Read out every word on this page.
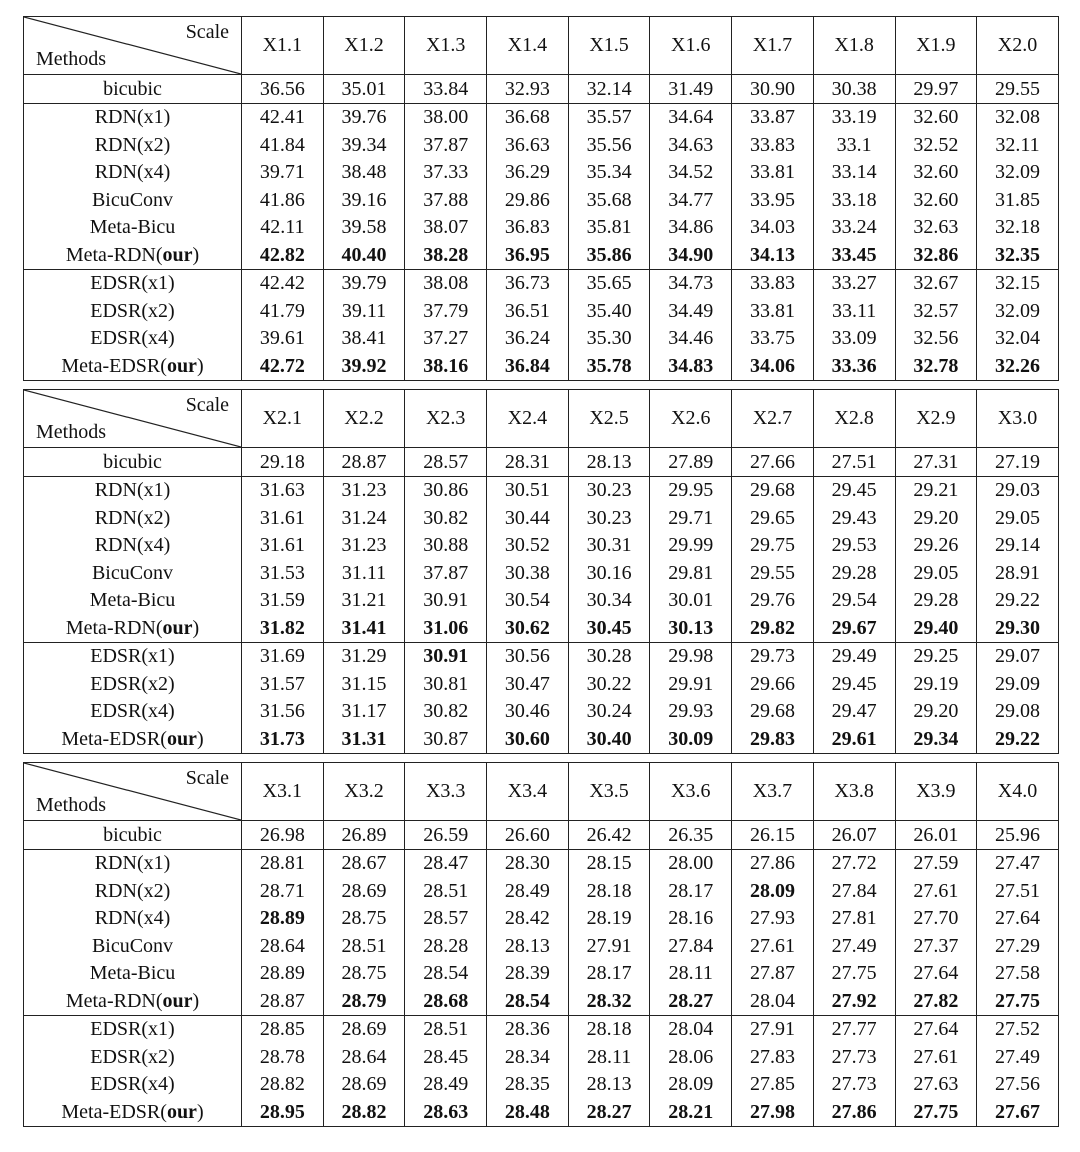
Scale
Methods	X1.1	X1.2	X1.3	X1.4	X1.5	X1.6	X1.7	X1.8	X1.9	X2.0
bicubic	36.56	35.01	33.84	32.93	32.14	31.49	30.90	30.38	29.97	29.55
RDN(x1)	42.41	39.76	38.00	36.68	35.57	34.64	33.87	33.19	32.60	32.08
RDN(x2)	41.84	39.34	37.87	36.63	35.56	34.63	33.83	33.1	32.52	32.11
RDN(x4)	39.71	38.48	37.33	36.29	35.34	34.52	33.81	33.14	32.60	32.09
BicuConv	41.86	39.16	37.88	29.86	35.68	34.77	33.95	33.18	32.60	31.85
Meta-Bicu	42.11	39.58	38.07	36.83	35.81	34.86	34.03	33.24	32.63	32.18
Meta-RDN(our)	42.82	40.40	38.28	36.95	35.86	34.90	34.13	33.45	32.86	32.35
EDSR(x1)	42.42	39.79	38.08	36.73	35.65	34.73	33.83	33.27	32.67	32.15
EDSR(x2)	41.79	39.11	37.79	36.51	35.40	34.49	33.81	33.11	32.57	32.09
EDSR(x4)	39.61	38.41	37.27	36.24	35.30	34.46	33.75	33.09	32.56	32.04
Meta-EDSR(our)	42.72	39.92	38.16	36.84	35.78	34.83	34.06	33.36	32.78	32.26
Scale
Methods	X2.1	X2.2	X2.3	X2.4	X2.5	X2.6	X2.7	X2.8	X2.9	X3.0
bicubic	29.18	28.87	28.57	28.31	28.13	27.89	27.66	27.51	27.31	27.19
RDN(x1)	31.63	31.23	30.86	30.51	30.23	29.95	29.68	29.45	29.21	29.03
RDN(x2)	31.61	31.24	30.82	30.44	30.23	29.71	29.65	29.43	29.20	29.05
RDN(x4)	31.61	31.23	30.88	30.52	30.31	29.99	29.75	29.53	29.26	29.14
BicuConv	31.53	31.11	37.87	30.38	30.16	29.81	29.55	29.28	29.05	28.91
Meta-Bicu	31.59	31.21	30.91	30.54	30.34	30.01	29.76	29.54	29.28	29.22
Meta-RDN(our)	31.82	31.41	31.06	30.62	30.45	30.13	29.82	29.67	29.40	29.30
EDSR(x1)	31.69	31.29	30.91	30.56	30.28	29.98	29.73	29.49	29.25	29.07
EDSR(x2)	31.57	31.15	30.81	30.47	30.22	29.91	29.66	29.45	29.19	29.09
EDSR(x4)	31.56	31.17	30.82	30.46	30.24	29.93	29.68	29.47	29.20	29.08
Meta-EDSR(our)	31.73	31.31	30.87	30.60	30.40	30.09	29.83	29.61	29.34	29.22
Scale
Methods	X3.1	X3.2	X3.3	X3.4	X3.5	X3.6	X3.7	X3.8	X3.9	X4.0
bicubic	26.98	26.89	26.59	26.60	26.42	26.35	26.15	26.07	26.01	25.96
RDN(x1)	28.81	28.67	28.47	28.30	28.15	28.00	27.86	27.72	27.59	27.47
RDN(x2)	28.71	28.69	28.51	28.49	28.18	28.17	28.09	27.84	27.61	27.51
RDN(x4)	28.89	28.75	28.57	28.42	28.19	28.16	27.93	27.81	27.70	27.64
BicuConv	28.64	28.51	28.28	28.13	27.91	27.84	27.61	27.49	27.37	27.29
Meta-Bicu	28.89	28.75	28.54	28.39	28.17	28.11	27.87	27.75	27.64	27.58
Meta-RDN(our)	28.87	28.79	28.68	28.54	28.32	28.27	28.04	27.92	27.82	27.75
EDSR(x1)	28.85	28.69	28.51	28.36	28.18	28.04	27.91	27.77	27.64	27.52
EDSR(x2)	28.78	28.64	28.45	28.34	28.11	28.06	27.83	27.73	27.61	27.49
EDSR(x4)	28.82	28.69	28.49	28.35	28.13	28.09	27.85	27.73	27.63	27.56
Meta-EDSR(our)	28.95	28.82	28.63	28.48	28.27	28.21	27.98	27.86	27.75	27.67
